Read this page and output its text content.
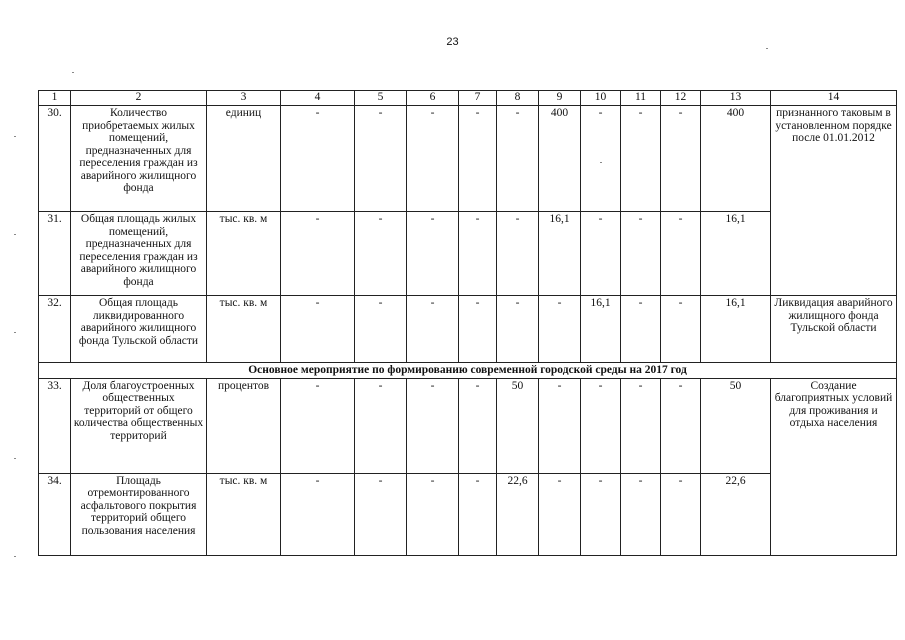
23
1	2	3	4	5	6	7	8	9	10	11	12	13	14
30.	Количество приобретаемых жилых помещений, предназначенных для переселения граждан из аварийного жилищного фонда	единиц	-	-	-	-	-	400	-	-	-	400	признанного таковым в установленном порядке после 01.01.2012
31.	Общая площадь жилых помещений, предназначенных для переселения граждан из аварийного жилищного фонда	тыс. кв. м	-	-	-	-	-	16,1	-	-	-	16,1	
32.	Общая площадь ликвидированного аварийного жилищного фонда Тульской области	тыс. кв. м	-	-	-	-	-	-	16,1	-	-	16,1	Ликвидация аварийного жилищного фонда Тульской области
Основное мероприятие по формированию современной городской среды на 2017 год													
33.	Доля благоустроенных общественных территорий от общего количества общественных территорий	процентов	-	-	-	-	50	-	-	-	-	50	Создание благоприятных условий для проживания и отдыха населения
34.	Площадь отремонтированного асфальтового покрытия территорий общего пользования населения	тыс. кв. м	-	-	-	-	22,6	-	-	-	-	22,6	
